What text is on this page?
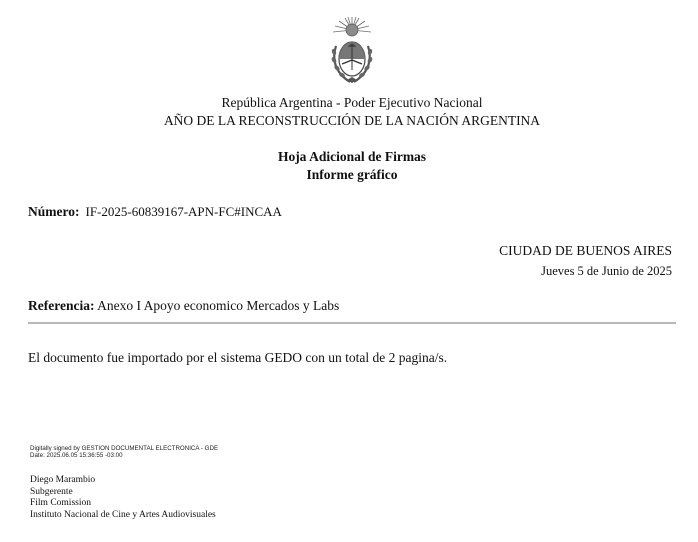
República Argentina - Poder Ejecutivo Nacional
AÑO DE LA RECONSTRUCCIÓN DE LA NACIÓN ARGENTINA
Hoja Adicional de Firmas
Informe gráfico
Número: IF-2025-60839167-APN-FC#INCAA
CIUDAD DE BUENOS AIRES
Jueves 5 de Junio de 2025
Referencia: Anexo I Apoyo economico Mercados y Labs
El documento fue importado por el sistema GEDO con un total de 2 pagina/s.
Digitally signed by GESTION DOCUMENTAL ELECTRONICA - GDE
Date: 2025.06.05 15:36:55 -03:00
Diego Marambio
Subgerente
Film Comission
Instituto Nacional de Cine y Artes Audiovisuales
